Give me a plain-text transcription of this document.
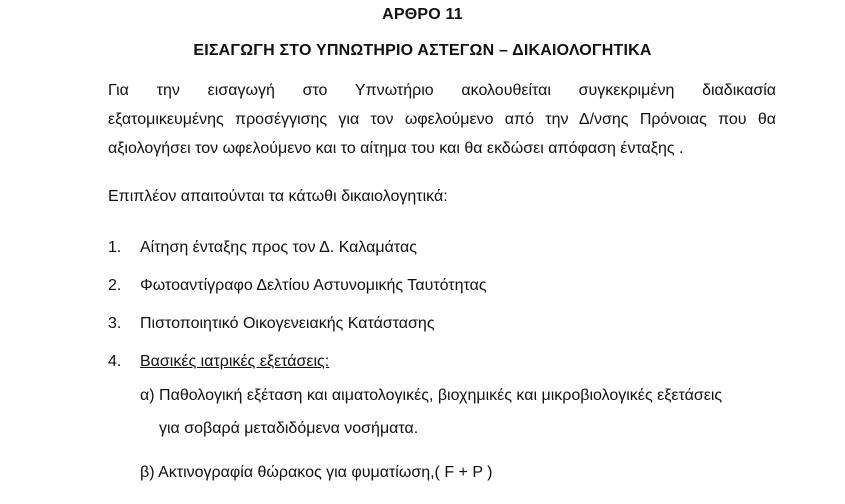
ΑΡΘΡΟ 11
ΕΙΣΑΓΩΓΗ ΣΤΟ ΥΠΝΩΤΗΡΙΟ ΑΣΤΕΓΩΝ – ΔΙΚΑΙΟΛΟΓΗΤΙΚΑ
Για την εισαγωγή στο Υπνωτήριο ακολουθείται συγκεκριμένη διαδικασία
εξατομικευμένης προσέγγισης για τον ωφελούμενο από την Δ/νσης Πρόνοιας που θα
αξιολογήσει τον ωφελούμενο και το αίτημα του και θα εκδώσει απόφαση ένταξης .
Επιπλέον απαιτούνται τα κάτωθι δικαιολογητικά:
1. Αίτηση ένταξης προς τον Δ. Καλαμάτας
2. Φωτοαντίγραφο Δελτίου Αστυνομικής Ταυτότητας
3. Πιστοποιητικό Οικογενειακής Κατάστασης
4. Βασικές ιατρικές εξετάσεις:
α) Παθολογική εξέταση και αιματολογικές, βιοχημικές και μικροβιολογικές εξετάσεις
για σοβαρά μεταδιδόμενα νοσήματα.
β) Ακτινογραφία θώρακος για φυματίωση,( F + P )
